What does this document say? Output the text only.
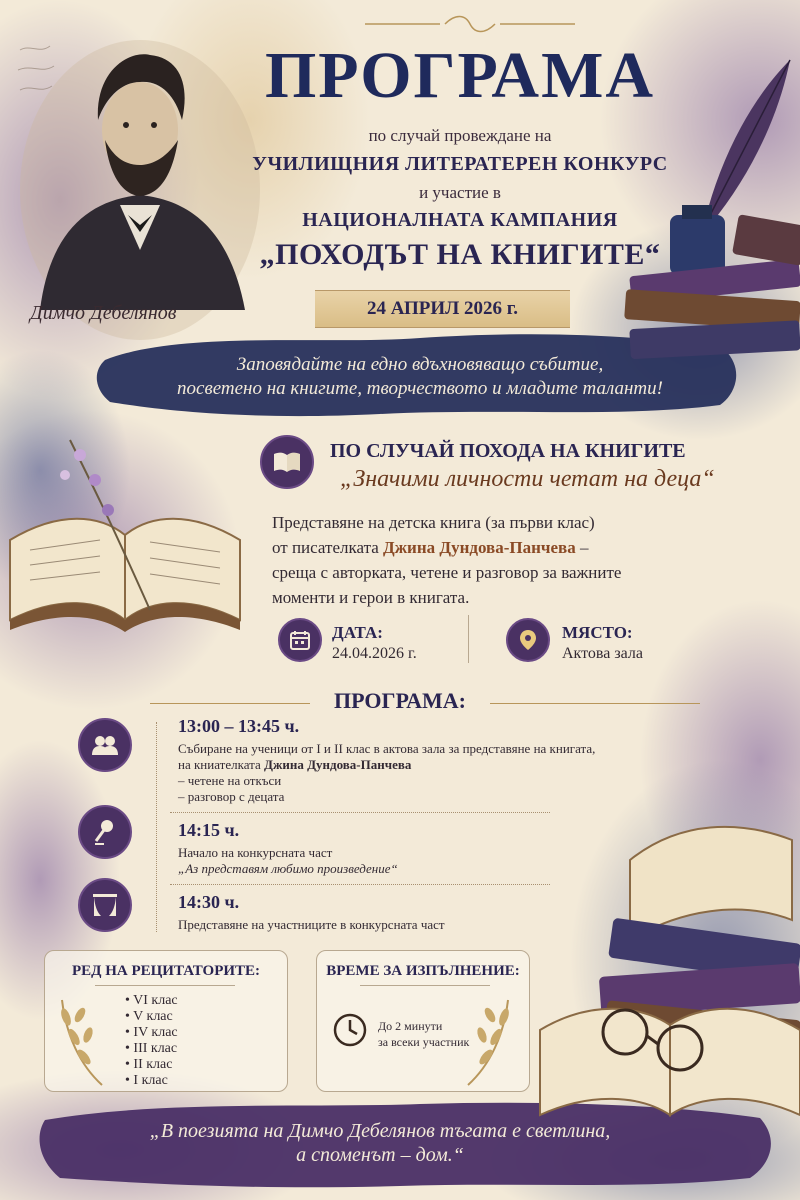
Димчо Дебелянов
ПРОГРАМА
по случай провеждане на
УЧИЛИЩНИЯ ЛИТЕРАТЕРЕН КОНКУРС
и участие в
НАЦИОНАЛНАТА КАМПАНИЯ
„ПОХОДЪТ НА КНИГИТЕ“
24 АПРИЛ 2026 г.
Заповядайте на едно вдъхновяващо събитие,
посветено на книгите, творчеството и младите таланти!
ПО СЛУЧАЙ ПОХОДА НА КНИГИТЕ
„Значими личности четат на деца“
Представяне на детска книга (за първи клас)
от писателката Джина Дундова-Панчева –
среща с авторката, четене и разговор за важните
моменти и герои в книгата.
ДАТА:
24.04.2026 г.
МЯСТО:
Актова зала
ПРОГРАМА:
13:00 – 13:45 ч.
Събиране на ученици от I и II клас в актова зала за представяне на книгата,
на книателката Джина Дундова-Панчева
– четене на откъси
– разговор с децата
14:15 ч.
Начало на конкурсната част
„Аз представям любимо произведение“
14:30 ч.
Представяне на участниците в конкурсната част
РЕД НА РЕЦИТАТОРИТЕ:
• VI клас
• V клас
• IV клас
• III клас
• II клас
• I клас
ВРЕМЕ ЗА ИЗПЪЛНЕНИЕ:
До 2 минути
за всеки участник
„В поезията на Димчо Дебелянов тъгата е светлина,
а споменът – дом.“
